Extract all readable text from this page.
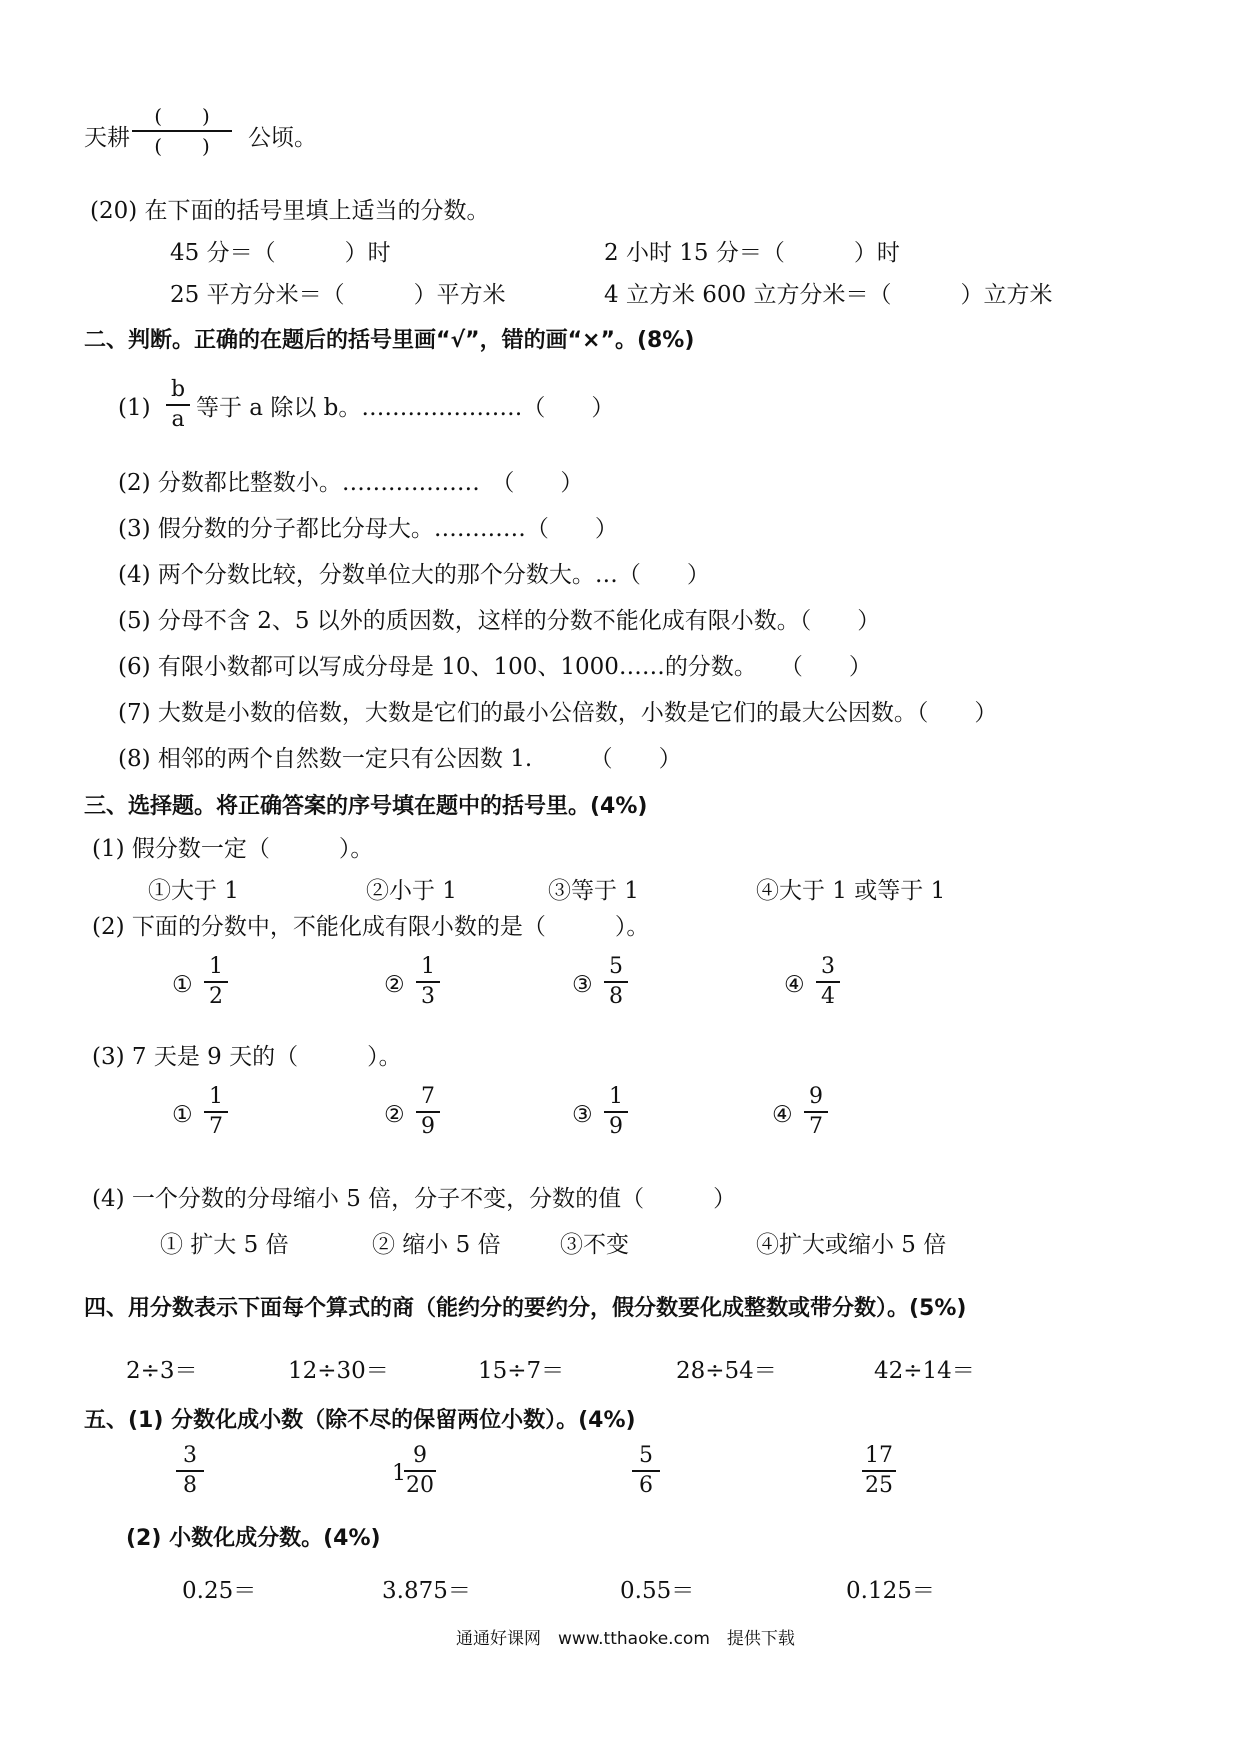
天耕
(　　)
(　　)	公顷。
(20) 在下面的括号里填上适当的分数。
45 分＝（　　　）时	2 小时 15 分＝（　　　）时
25 平方分米＝（　　　）平方米	4 立方米 600 立方分米＝（　　　）立方米
二、判断。正确的在题后的括号里画“√”，错的画“×”。(8%)
(1)
b
a 等于 a 除以 b。…………………（　　）
(2) 分数都比整数小。………………　（　　）
(3) 假分数的分子都比分母大。…………（　　）
(4) 两个分数比较，分数单位大的那个分数大。…（　　）
(5) 分母不含 2、5 以外的质因数，这样的分数不能化成有限小数。（　　）
(6) 有限小数都可以写成分母是 10、100、1000……的分数。　　（　　）
(7) 大数是小数的倍数，大数是它们的最小公倍数，小数是它们的最大公因数。（　　）
(8) 相邻的两个自然数一定只有公因数 1.　　　（　　）
三、选择题。将正确答案的序号填在题中的括号里。(4%)
(1) 假分数一定（　　　）。
①大于 1	②小于 1	③等于 1	④大于 1 或等于 1
(2) 下面的分数中，不能化成有限小数的是（　　　）。
①
1
2	②
1
3	③
5
8	④
3
4
(3) 7 天是 9 天的（　　　）。
①
1
7	②
7
9	③
1
9	④
9
7
(4) 一个分数的分母缩小 5 倍，分子不变，分数的值（　　　）
① 扩大 5 倍	② 缩小 5 倍	③不变	④扩大或缩小 5 倍
四、用分数表示下面每个算式的商（能约分的要约分，假分数要化成整数或带分数）。(5%)
2÷3＝	12÷30＝	15÷7＝	28÷54＝	42÷14＝
五、(1) 分数化成小数（除不尽的保留两位小数）。(4%)
3
8	1
9
20
5
6
17
25
(2) 小数化成分数。(4%)
0.25＝	3.875＝	0.55＝	0.125＝
通通好课网　www.tthaoke.com　提供下载
